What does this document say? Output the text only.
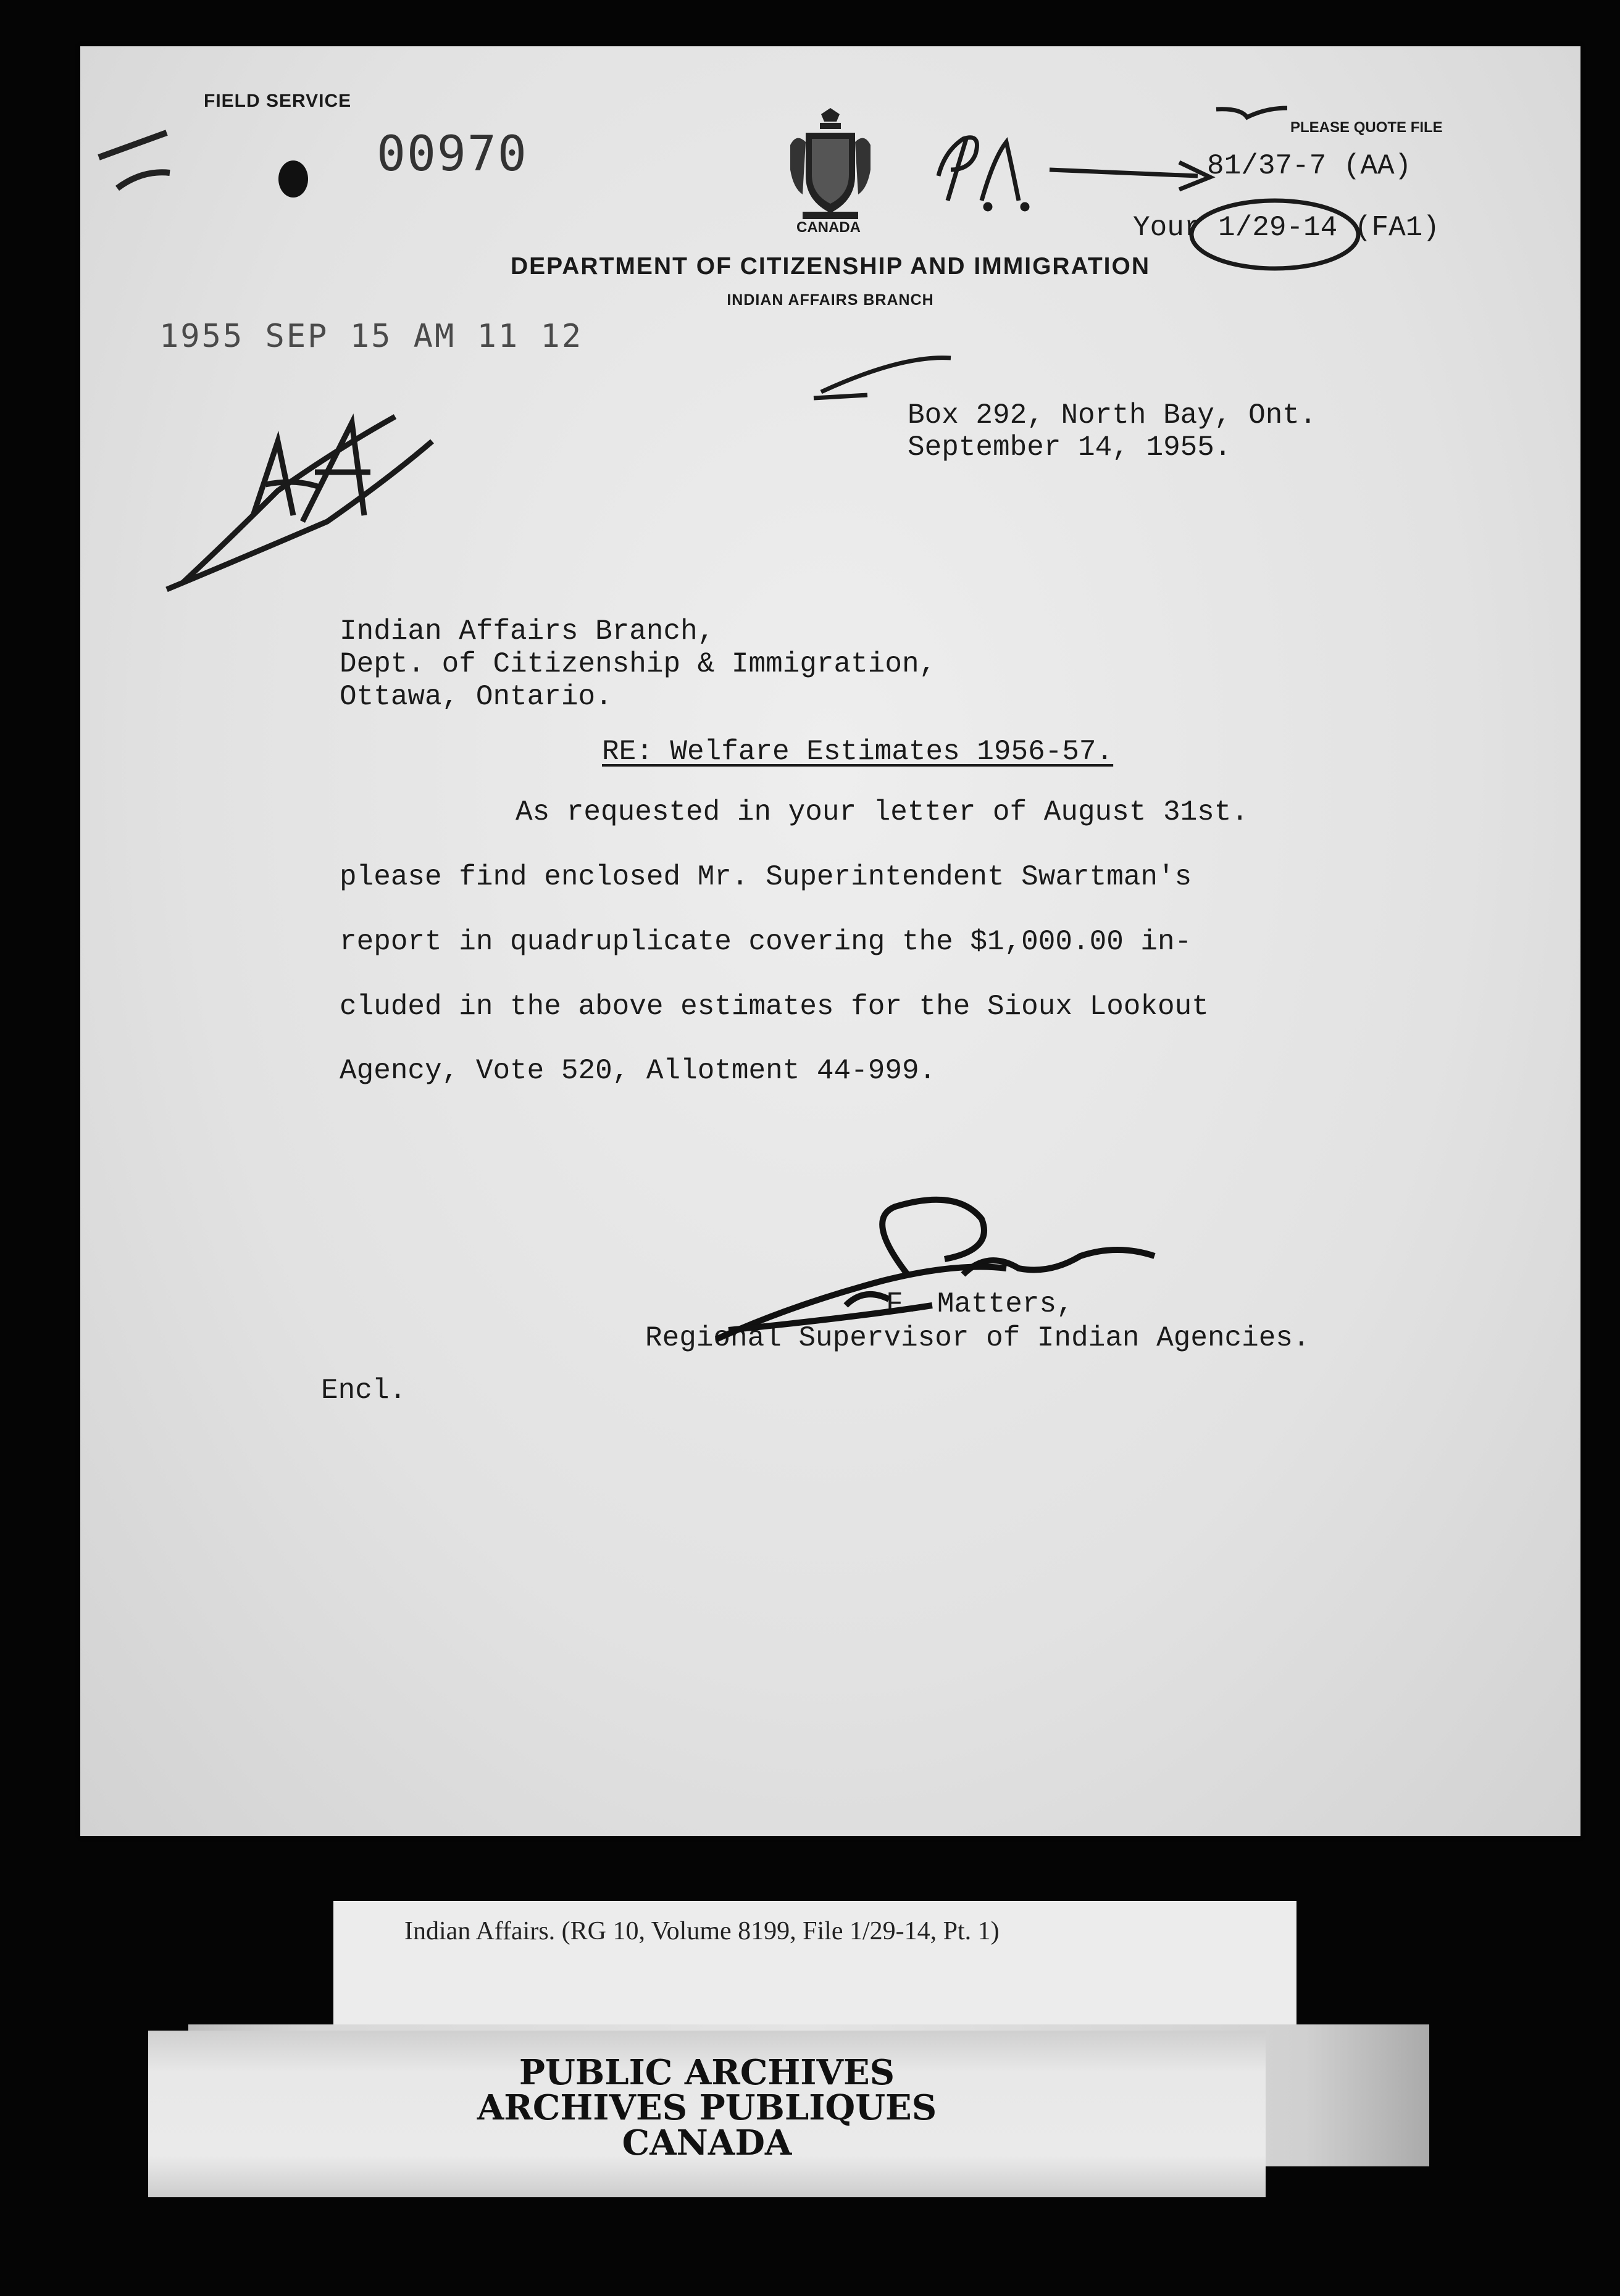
FIELD SERVICE
00970
CANADA
DEPARTMENT OF CITIZENSHIP AND IMMIGRATION
INDIAN AFFAIRS BRANCH
PLEASE QUOTE FILE
81/37-7 (AA)
Your 1/29-14 (FA1)
1955 SEP 15 AM 11 12
Box 292, North Bay, Ont.
September 14, 1955.
Indian Affairs Branch,
Dept. of Citizenship & Immigration,
Ottawa, Ontario.
RE: Welfare Estimates 1956-57.
As requested in your letter of August 31st.
please find enclosed Mr. Superintendent Swartman's
report in quadruplicate covering the $1,000.00 in-
cluded in the above estimates for the Sioux Lookout
Agency, Vote 520, Allotment 44-999.
F. Matters,
Regional Supervisor of Indian Agencies.
Encl.
Indian Affairs. (RG 10, Volume 8199, File 1/29-14, Pt. 1)
PUBLIC ARCHIVES
ARCHIVES PUBLIQUES
CANADA
